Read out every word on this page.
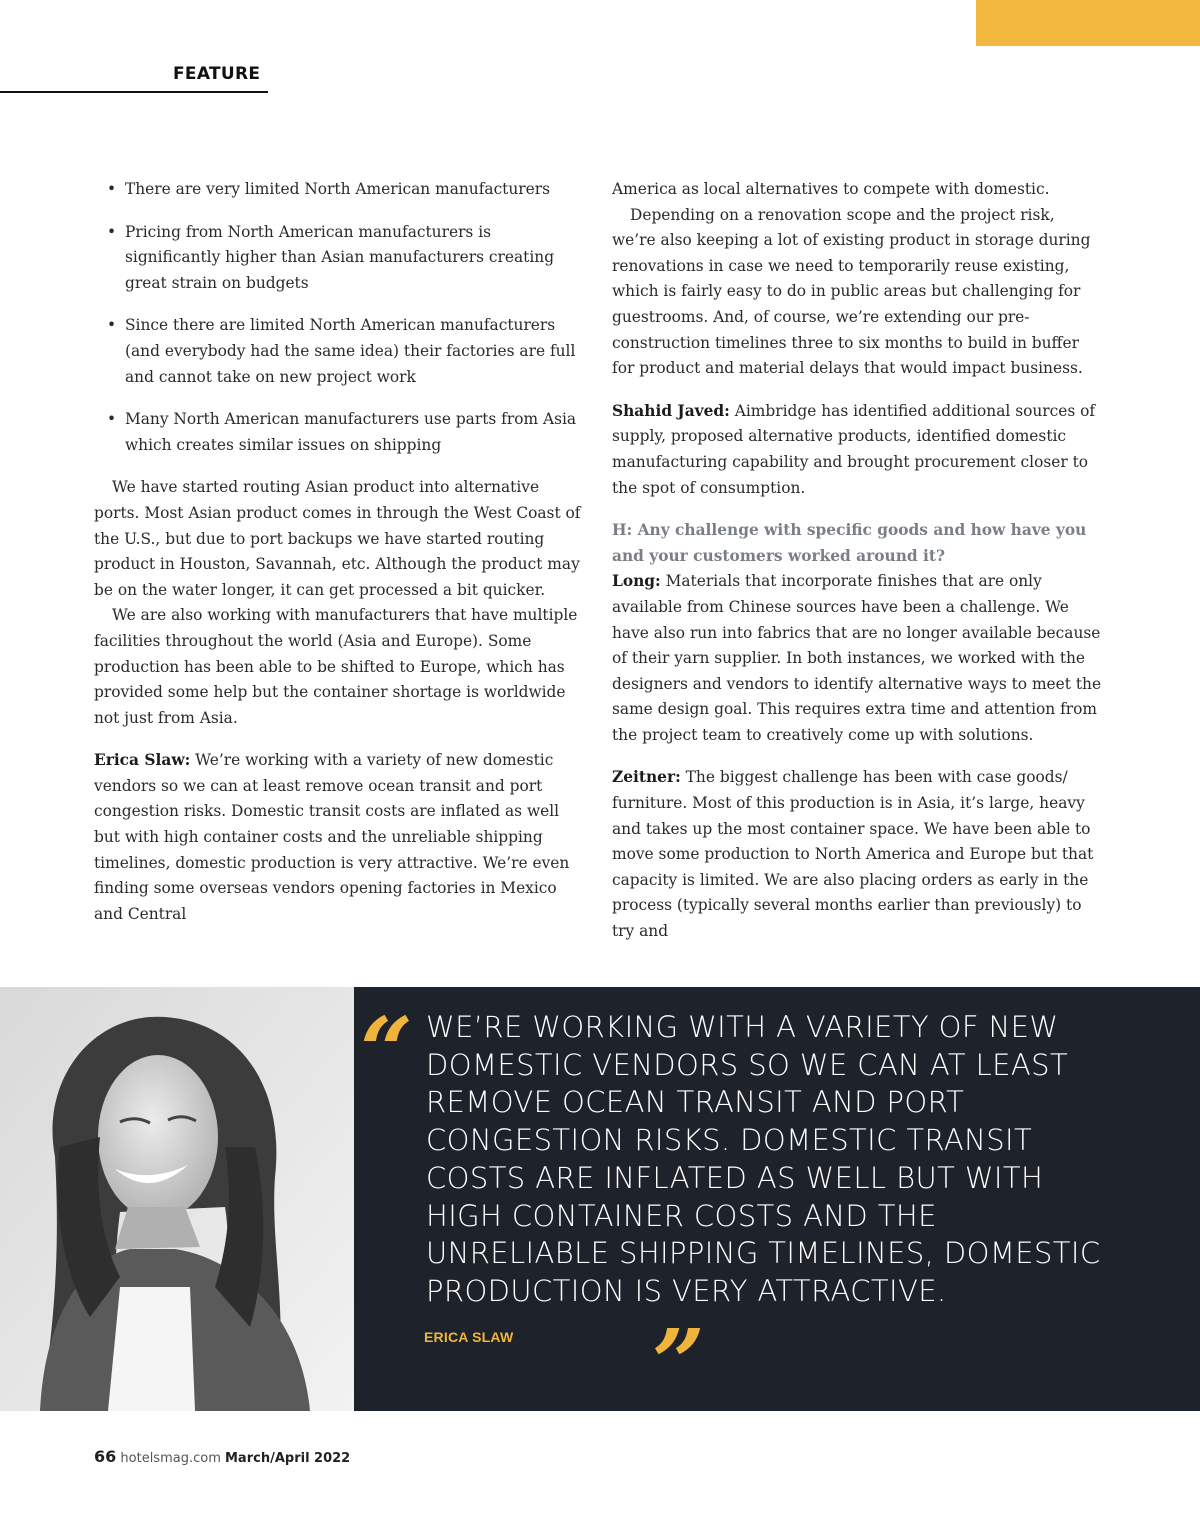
FEATURE
• There are very limited North American manufacturers
• Pricing from North American manufacturers is significantly higher than Asian manufacturers creating great strain on budgets
• Since there are limited North American manufacturers (and everybody had the same idea) their factories are full and cannot take on new project work
• Many North American manufacturers use parts from Asia which creates similar issues on shipping

We have started routing Asian product into alternative ports. Most Asian product comes in through the West Coast of the U.S., but due to port backups we have started routing product in Houston, Savannah, etc. Although the product may be on the water longer, it can get processed a bit quicker.

We are also working with manufacturers that have multiple facilities throughout the world (Asia and Europe). Some production has been able to be shifted to Europe, which has provided some help but the container shortage is worldwide not just from Asia.

Erica Slaw: We’re working with a variety of new domestic vendors so we can at least remove ocean transit and port congestion risks. Domestic transit costs are inflated as well but with high container costs and the unreliable shipping timelines, domestic production is very attractive. We’re even finding some overseas vendors opening factories in Mexico and Central

America as local alternatives to compete with domestic.

Depending on a renovation scope and the project risk, we’re also keeping a lot of existing product in storage during renovations in case we need to temporarily reuse existing, which is fairly easy to do in public areas but challenging for guestrooms. And, of course, we’re extending our pre-construction timelines three to six months to build in buffer for product and material delays that would impact business.

Shahid Javed: Aimbridge has identified additional sources of supply, proposed alternative products, identified domestic manufacturing capability and brought procurement closer to the spot of consumption.

H: Any challenge with specific goods and how have you and your customers worked around it?

Long: Materials that incorporate finishes that are only available from Chinese sources have been a challenge. We have also run into fabrics that are no longer available because of their yarn supplier. In both instances, we worked with the designers and vendors to identify alternative ways to meet the same design goal. This requires extra time and attention from the project team to creatively come up with solutions.

Zeitner: The biggest challenge has been with case goods/ furniture. Most of this production is in Asia, it’s large, heavy and takes up the most container space. We have been able to move some production to North America and Europe but that capacity is limited. We are also placing orders as early in the process (typically several months earlier than previously) to try and

“ WE’RE WORKING WITH A VARIETY OF NEW DOMESTIC VENDORS SO WE CAN AT LEAST REMOVE OCEAN TRANSIT AND PORT CONGESTION RISKS. DOMESTIC TRANSIT COSTS ARE INFLATED AS WELL BUT WITH HIGH CONTAINER COSTS AND THE UNRELIABLE SHIPPING TIMELINES, DOMESTIC PRODUCTION IS VERY ATTRACTIVE.
”
ERICA SLAW
66 hotelsmag.com March/April 2022
